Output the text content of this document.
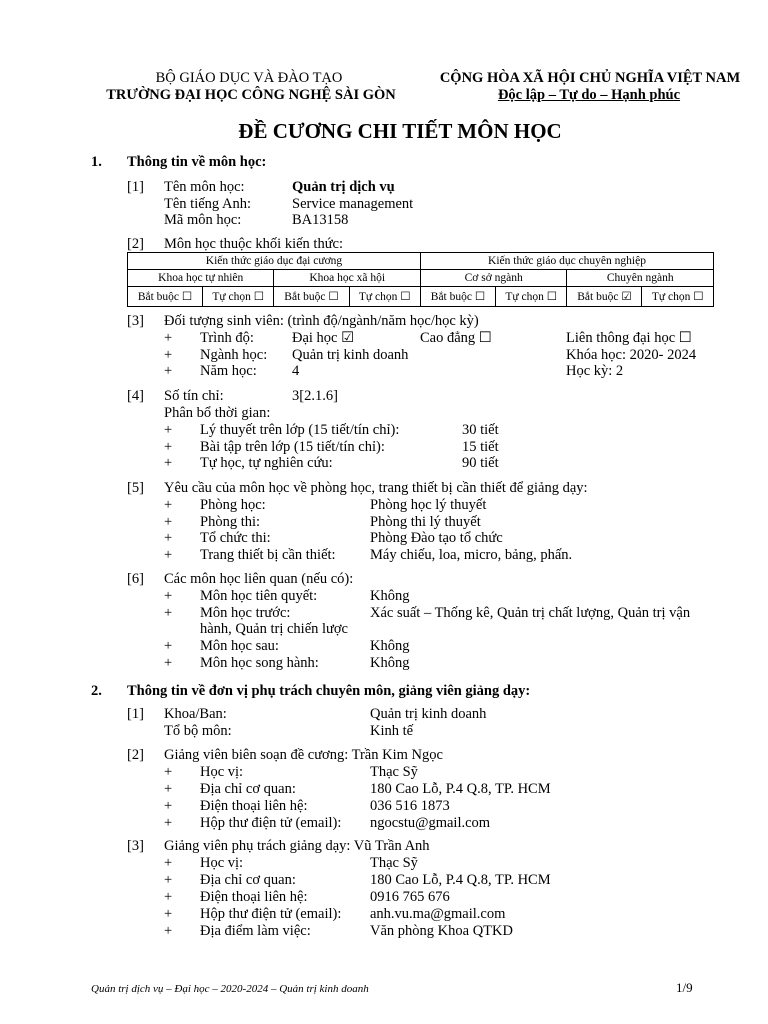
BỘ GIÁO DỤC VÀ ĐÀO TẠO
TRƯỜNG ĐẠI HỌC CÔNG NGHỆ SÀI GÒN
CỘNG HÒA XÃ HỘI CHỦ NGHĨA VIỆT NAM
Độc lập – Tự do – Hạnh phúc
ĐỀ CƯƠNG CHI TIẾT MÔN HỌC
1. Thông tin về môn học:
[1] Tên môn học:	Quản trị dịch vụ
Tên tiếng Anh:	Service management
Mã môn học:	BA13158
[2] Môn học thuộc khối kiến thức:
Kiến thức giáo dục đại cương				Kiến thức giáo dục chuyên nghiệp			
Khoa học tự nhiên		Khoa học xã hội		Cơ sở ngành		Chuyên ngành	
Bắt buộc ☐	Tự chọn ☐	Bắt buộc ☐	Tự chọn ☐	Bắt buộc ☐	Tự chọn ☐	Bắt buộc ☑	Tự chọn ☐
[3] Đối tượng sinh viên: (trình độ/ngành/năm học/học kỳ)
+ Trình độ:	Đại học ☑	Cao đẳng ☐	Liên thông đại học ☐
+ Ngành học: Quản trị kinh doanh	Khóa học: 2020- 2024
+ Năm học: 4	Học kỳ: 2
[4] Số tín chỉ:	3[2.1.6]
Phân bổ thời gian:
+ Lý thuyết trên lớp (15 tiết/tín chỉ):	30 tiết
+ Bài tập trên lớp (15 tiết/tín chỉ):	15 tiết
+ Tự học, tự nghiên cứu:	90 tiết
[5] Yêu cầu của môn học về phòng học, trang thiết bị cần thiết để giảng dạy:
+ Phòng học:	Phòng học lý thuyết
+ Phòng thi:	Phòng thi lý thuyết
+ Tổ chức thi:	Phòng Đào tạo tổ chức
+ Trang thiết bị cần thiết: Máy chiếu, loa, micro, bảng, phấn.
[6] Các môn học liên quan (nếu có):
+ Môn học tiên quyết:	Không
+ Môn học trước:	Xác suất – Thống kê, Quản trị chất lượng, Quản trị vận
hành, Quản trị chiến lược
+ Môn học sau:	Không
+ Môn học song hành:	Không
2. Thông tin về đơn vị phụ trách chuyên môn, giảng viên giảng dạy:
[1] Khoa/Ban:	Quản trị kinh doanh
Tổ bộ môn:	Kinh tế
[2] Giảng viên biên soạn đề cương: Trần Kim Ngọc
+ Học vị:	Thạc Sỹ
+ Địa chỉ cơ quan:	180 Cao Lỗ, P.4 Q.8, TP. HCM
+ Điện thoại liên hệ:	036 516 1873
+ Hộp thư điện tử (email): ngocstu@gmail.com
[3] Giảng viên phụ trách giảng dạy: Vũ Trần Anh
+ Học vị:	Thạc Sỹ
+ Địa chỉ cơ quan:	180 Cao Lỗ, P.4 Q.8, TP. HCM
+ Điện thoại liên hệ:	0916 765 676
+ Hộp thư điện tử (email): anh.vu.ma@gmail.com
+ Địa điểm làm việc:	Văn phòng Khoa QTKD
Quản trị dịch vụ – Đại học – 2020-2024 – Quản trị kinh doanh	1/9
